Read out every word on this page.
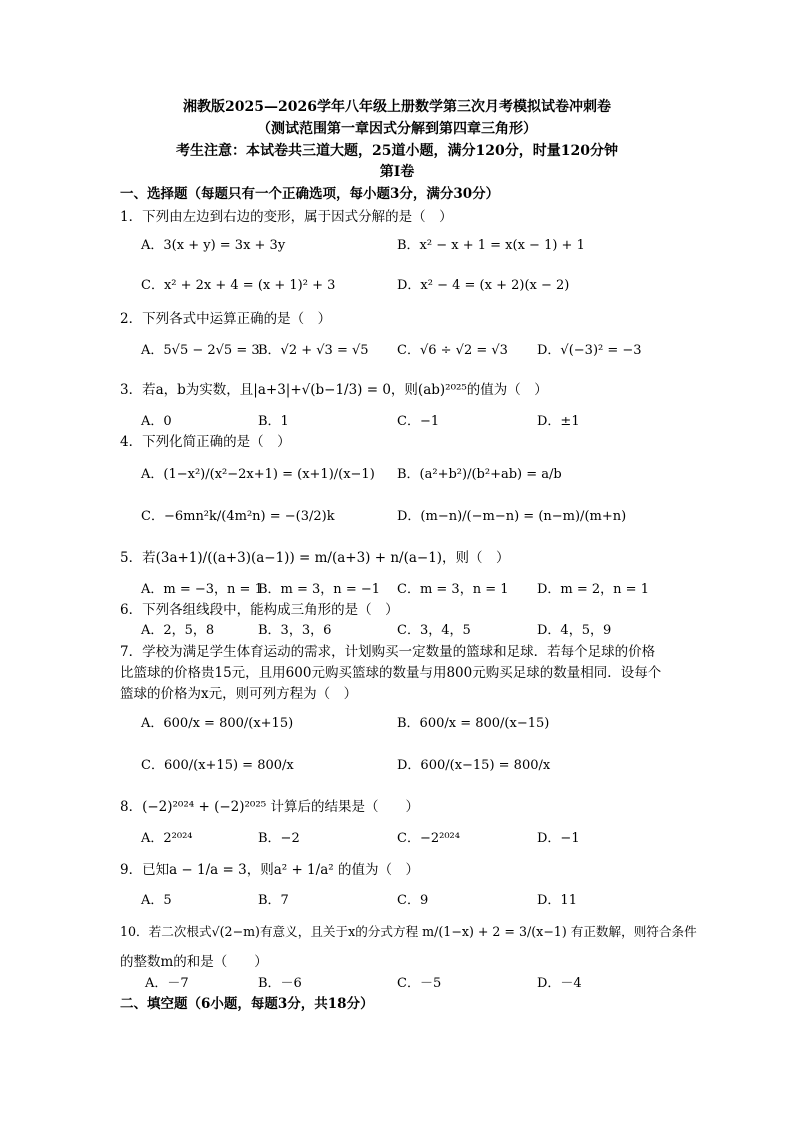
湘教版2025—2026学年八年级上册数学第三次月考模拟试卷冲刺卷
（测试范围第一章因式分解到第四章三角形）
考生注意：本试卷共三道大题，25道小题，满分120分，时量120分钟
第Ⅰ卷
一、选择题（每题只有一个正确选项，每小题3分，满分30分）
1．下列由左边到右边的变形，属于因式分解的是（　）
A．3(x + y) = 3x + 3y	B．x² − x + 1 = x(x − 1) + 1
C．x² + 2x + 4 = (x + 1)² + 3	D．x² − 4 = (x + 2)(x − 2)
2．下列各式中运算正确的是（　）
A．5√5 − 2√5 = 3
B．√2 + √3 = √5 C．√6 ÷ √2 = √3 D．√(−3)² = −3
3．若a，b为实数，且|a+3|+√(b−1/3) = 0，则(ab)²⁰²⁵的值为（　）
A．0	B．1	C．−1	D．±1
4．下列化简正确的是（　）
A．(1−x²)/(x²−2x+1) = (x+1)/(x−1) B．(a²+b²)/(b²+ab) = a/b
C．−6mn²k/(4m²n) = −(3/2)k	D．(m−n)/(−m−n) = (n−m)/(m+n)
5．若(3a+1)/((a+3)(a−1)) = m/(a+3) + n/(a−1)，则（　）
A．m = −3，n = 1
B．m = 3，n = −1 C．m = 3，n = 1 D．m = 2，n = 1
6．下列各组线段中，能构成三角形的是（　）
A．2，5，8	B．3，3，6	C．3，4，5	D．4，5，9
7．学校为满足学生体育运动的需求，计划购买一定数量的篮球和足球．若每个足球的价格
比篮球的价格贵15元，且用600元购买篮球的数量与用800元购买足球的数量相同．设每个
篮球的价格为x元，则可列方程为（　）
A．600/x = 800/(x+15)	B．600/x = 800/(x−15)
C．600/(x+15) = 800/x	D．600/(x−15) = 800/x
8．(−2)²⁰²⁴ + (−2)²⁰²⁵ 计算后的结果是（　　）
A．2²⁰²⁴	B．−2	C．−2²⁰²⁴	D．−1
9．已知a − 1/a = 3，则a² + 1/a² 的值为（　）
A．5	B．7	C．9	D．11
10．若二次根式√(2−m)有意义，且关于x的分式方程 m/(1−x) + 2 = 3/(x−1) 有正数解，则符合条件
的整数m的和是（　　）
A．－7	B．－6	C．－5	D．－4
二、填空题（6小题，每题3分，共18分）
